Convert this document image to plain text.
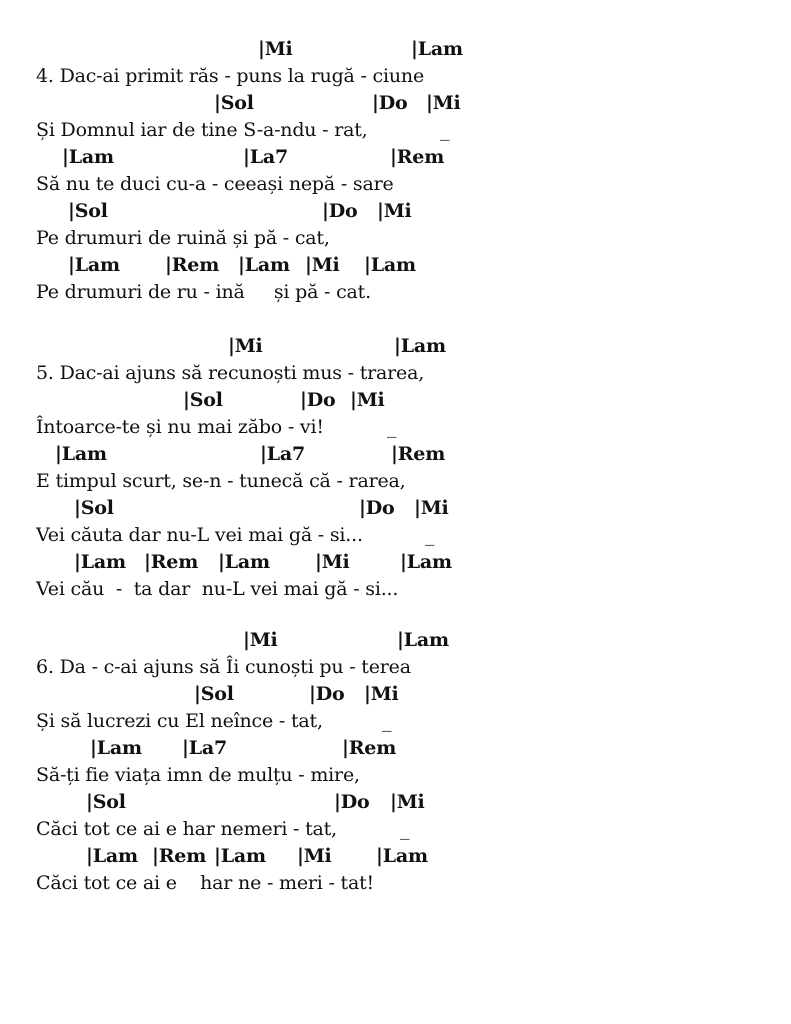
|Mi	|Lam
4. Dac-ai primit răs - puns la rugă - ciune
|Sol	|Do |Mi
Și Domnul iar de tine S-a-ndu - rat,	_
|Lam	|La7	|Rem
Să nu te duci cu-a - ceeași nepă - sare
|Sol	|Do |Mi
Pe drumuri de ruină și pă - cat,
|Lam |Rem |Lam |Mi |Lam
Pe drumuri de ru - ină     și pă - cat.
|Mi	|Lam
5. Dac-ai ajuns să recunoști mus - trarea,
|Sol	|Do |Mi
Întoarce-te și nu mai zăbo - vi!	_
|Lam	|La7	|Rem
E timpul scurt, se-n - tunecă că - rarea,
|Sol	|Do |Mi
Vei căuta dar nu-L vei mai gă - si...	_
|Lam |Rem |Lam |Mi	|Lam
Vei cău  -  ta dar  nu-L vei mai gă - si...
|Mi	|Lam
6. Da - c-ai ajuns să Îi cunoști pu - terea
|Sol	|Do |Mi
Și să lucrezi cu El neînce - tat,	_
|Lam |La7	|Rem
Să-ți fie viața imn de mulțu - mire,
|Sol	|Do |Mi
Căci tot ce ai e har nemeri - tat,	_
|Lam |Rem |Lam |Mi |Lam
Căci tot ce ai e    har ne - meri - tat!
